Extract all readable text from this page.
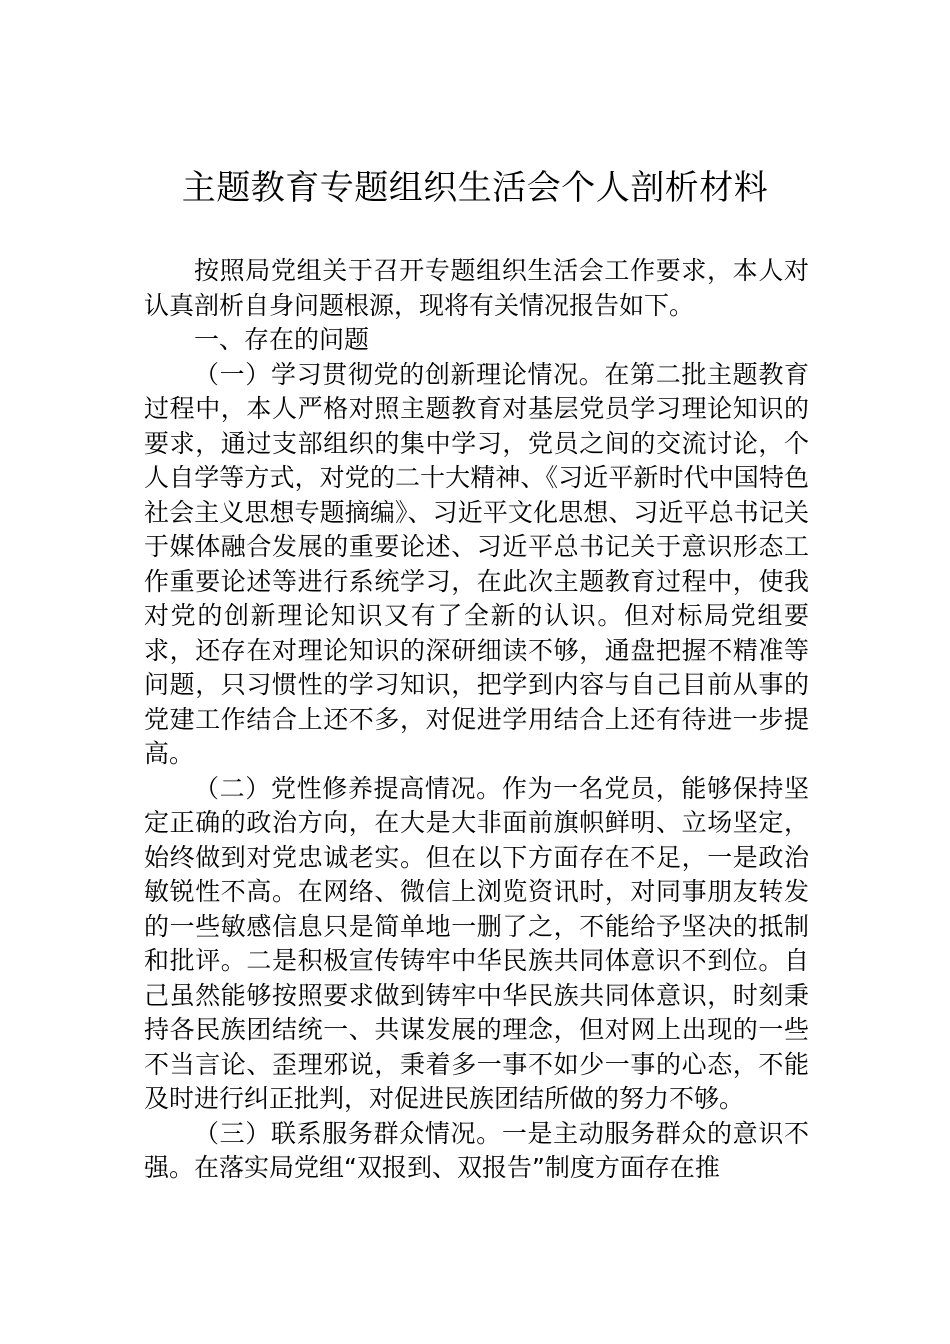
主题教育专题组织生活会个人剖析材料

按照局党组关于召开专题组织生活会工作要求，本人对认真剖析自身问题根源，现将有关情况报告如下。

一、存在的问题

（一）学习贯彻党的创新理论情况。在第二批主题教育过程中，本人严格对照主题教育对基层党员学习理论知识的要求，通过支部组织的集中学习，党员之间的交流讨论，个人自学等方式，对党的二十大精神、《习近平新时代中国特色社会主义思想专题摘编》、习近平文化思想、习近平总书记关于媒体融合发展的重要论述、习近平总书记关于意识形态工作重要论述等进行系统学习，在此次主题教育过程中，使我对党的创新理论知识又有了全新的认识。但对标局党组要求，还存在对理论知识的深研细读不够，通盘把握不精准等问题，只习惯性的学习知识，把学到内容与自己目前从事的党建工作结合上还不多，对促进学用结合上还有待进一步提高。

（二）党性修养提高情况。作为一名党员，能够保持坚定正确的政治方向，在大是大非面前旗帜鲜明、立场坚定，始终做到对党忠诚老实。但在以下方面存在不足，一是政治敏锐性不高。在网络、微信上浏览资讯时，对同事朋友转发的一些敏感信息只是简单地一删了之，不能给予坚决的抵制和批评。二是积极宣传铸牢中华民族共同体意识不到位。自己虽然能够按照要求做到铸牢中华民族共同体意识，时刻秉持各民族团结统一、共谋发展的理念，但对网上出现的一些不当言论、歪理邪说，秉着多一事不如少一事的心态，不能及时进行纠正批判，对促进民族团结所做的努力不够。

（三）联系服务群众情况。一是主动服务群众的意识不强。在落实局党组“双报到、双报告”制度方面存在推
